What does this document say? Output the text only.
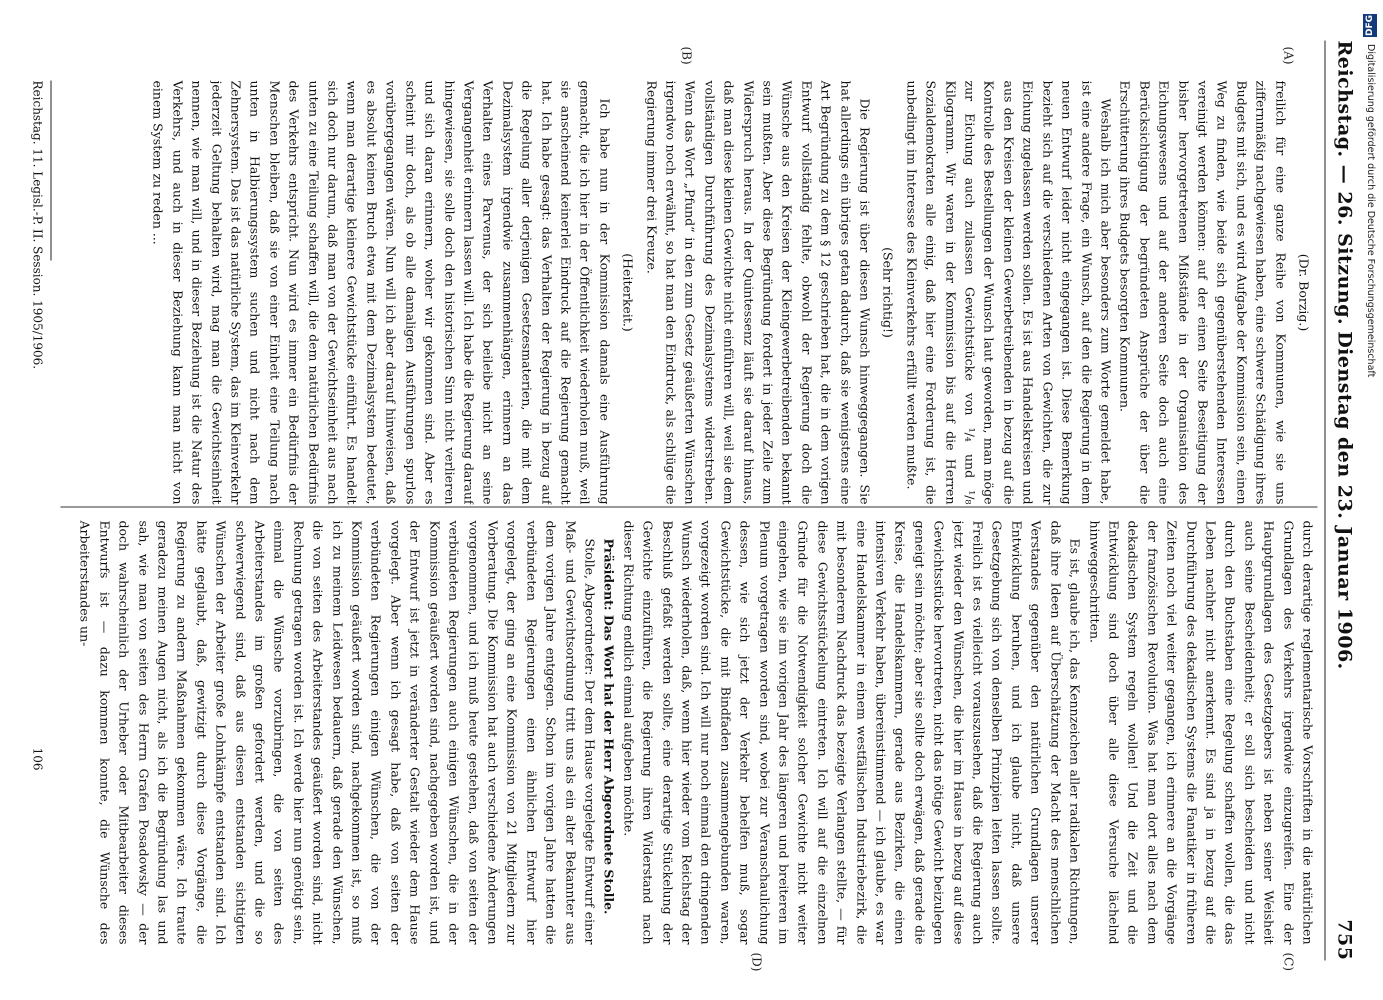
Reichstag. — 26. Sitzung.
Dienstag den 23. Januar 1906.
755
(A)
(B)
(C)
(D)

(Dr. Borzig.)

freilich für eine ganze Reihe von Kommunen, wie sie uns ziffernmäßig nachgewiesen haben, eine schwere Schädigung ihres Budgets mit sich, und es wird Aufgabe der Kommission sein, einen Weg zu finden, wie beide sich gegenüberstehenden Interessen vereinigt werden können: auf der einen Seite Beseitigung der bisher hervorgetretenen Mißstände in der Organisation des Eichungswesens und auf der anderen Seite doch auch eine Berücksichtigung der begründeten Ansprüche der über die Erschütterung ihres Budgets besorgten Kommunen.

Weshalb ich mich aber besonders zum Worte gemeldet habe, ist eine andere Frage, ein Wunsch, auf den die Regierung in dem neuen Entwurf leider nicht eingegangen ist. Diese Bemerkung bezieht sich auf die verschiedenen Arten von Gewichten, die zur Eichung zugelassen werden sollen. Es ist aus Handelskreisen und aus den Kreisen der kleinen Gewerbetreibenden in bezug auf die Kontrolle des Bestellungen der Wunsch laut geworden, man möge zur Eichung auch zulassen Gewichtstücke von ¹/₄ und ¹/₈ Kilogramm. Wir waren in der Kommission bis auf die Herren Sozialdemokraten alle einig, daß hier eine Forderung ist, die unbedingt im Interesse des Kleinverkehrs erfüllt werden mußte.

(Sehr richtig!)

Die Regierung ist über diesen Wunsch hinweggegangen. Sie hat allerdings ein übriges getan dadurch, daß sie wenigstens eine Art Begründung zu dem § 12 geschrieben hat, die in dem vorigen Entwurf vollständig fehlte, obwohl der Regierung doch die Wünsche aus den Kreisen der Kleingewerbetreibenden bekannt sein mußten. Aber diese Begründung fordert in jeder Zeile zum Widerspruch heraus. In der Quintessenz läuft sie darauf hinaus, daß man diese kleinen Gewichte nicht einführen will, weil sie dem vollständigen Durchführung des Dezimalsystems widerstreben. Wenn das Wort „Pfund“ in den zum Gesetz geäußerten Wünschen irgendwo noch erwähnt, so hat man den Eindruck, als schlüge die Regierung immer drei Kreuze.

(Heiterkeit.)

Ich habe nun in der Kommission damals eine Ausführung gemacht, die ich hier in der Öffentlichkeit wiederholen muß, weil sie anscheinend keinerlei Eindruck auf die Regierung gemacht hat. Ich habe gesagt: das Verhalten der Regierung in bezug auf die Regelung aller derjenigen Gesetzesmaterien, die mit dem Dezimalsystem irgendwie zusammenhängen, erinnern an das Verhalten eines Parvenus, der sich beileibe nicht an seine Vergangenheit erinnern lassen will. Ich habe die Regierung darauf hingewiesen, sie solle doch den historischen Sinn nicht verlieren und sich daran erinnern, woher wir gekommen sind. Aber es scheint mir doch, als ob alle damaligen Ausführungen spurlos vorübergegangen wären. Nun will ich aber darauf hinweisen, daß es absolut keinen Bruch etwa mit dem Dezimalsystem bedeutet, wenn man derartige kleinere Gewichtstücke einführt. Es handelt sich doch nur darum, daß man von der Gewichtseinheit aus nach unten zu eine Teilung schaffen will, die dem natürlichen Bedürfnis des Verkehrs entspricht. Nun wird es immer ein Bedürfnis der Menschen bleiben, daß sie von einer Einheit eine Teilung nach unten in Halbierungssystem suchen und nicht nach dem Zehnersystem. Das ist das natürliche System, das im Kleinverkehr jederzeit Geltung behalten wird, mag man die Gewichtseinheit nennen, wie man will, und in dieser Beziehung ist die Natur des Verkehrs, und auch in dieser Beziehung kann man nicht von einem System zu reden ...

durch derartige reglementarische Vorschriften in die natürlichen Grundlagen des Verkehrs irgendwie einzugreifen. Eine der Hauptgrundlagen des Gesetzgebers ist neben seiner Weisheit auch seine Bescheidenheit; er soll sich bescheiden und nicht durch den Buchstaben eine Regelung schaffen wollen, die das Leben nachher nicht anerkennt. Es sind ja in bezug auf die Durchführung des dekadischen Systems die Fanatiker in früheren Zeiten noch viel weiter gegangen, ich erinnere an die Vorgänge der französischen Revolution. Was hat man dort alles nach dem dekadischen System regeln wollen! Und die Zeit und die Entwicklung sind doch über alle diese Versuche lächelnd hinweggeschritten.

Es ist, glaube ich, das Kennzeichen aller radikalen Richtungen, daß ihre Ideen auf Überschätzung der Macht des menschlichen Verstandes gegenüber den natürlichen Grundlagen unserer Entwicklung beruhen, und ich glaube nicht, daß unsere Gesetzgebung sich von denselben Prinzipien leiten lassen sollte. Freilich ist es vielleicht vorauszusehen, daß die Regierung auch jetzt wieder den Wünschen, die hier im Hause in bezug auf diese Gewichtsstücke hervortreten, nicht das nötige Gewicht beizulegen geneigt sein möchte; aber sie sollte doch erwägen, daß gerade die Kreise, die Handelskammern, gerade aus Bezirken, die einen intensiven Verkehr haben, übereinstimmend — ich glaube, es war eine Handelskammer in einem westfälischen Industriebezirk, die mit besonderem Nachdruck das bezeigte Verlangen stellte, — für diese Gewichtsstückelung eintreten. Ich will auf die einzelnen Gründe für die Notwendigkeit solcher Gewichte nicht weiter eingehen, wie sie im vorigen Jahr des längeren und breiteren im Plenum vorgetragen worden sind, wobei zur Veranschaulichung dessen, wie sich jetzt der Verkehr behelfen muß, sogar Gewichtstücke, die mit Bindfaden zusammengebunden waren, vorgezeigt worden sind. Ich will nur noch einmal den dringenden Wunsch wiederholen, daß, wenn hier wieder vom Reichstag der Beschluß gefaßt werden sollte, eine derartige Stückelung der Gewichte einzuführen, die Regierung ihren Widerstand nach dieser Richtung endlich einmal aufgeben möchte.

Präsident: Das Wort hat der Herr Abgeordnete Stolle.

Stolle, Abgeordneter: Der dem Hause vorgelegte Entwurf einer Maß- und Gewichtsordnung tritt uns als ein alter Bekannter aus dem vorigen Jahre entgegen. Schon im vorigen Jahre hatten die verbündeten Regierungen einen ähnlichen Entwurf hier vorgelegt, der ging an eine Kommission von 21 Mitgliedern zur Vorberatung. Die Kommission hat auch verschiedene Änderungen vorgenommen, und ich muß heute gestehen, daß von seiten der verbündeten Regierungen auch einigen Wünschen, die in der Kommission geäußert worden sind, nachgegeben worden ist, und der Entwurf ist jetzt in veränderter Gestalt wieder dem Hause vorgelegt. Aber wenn ich gesagt habe, daß von seiten der verbündeten Regierungen einigen Wünschen, die von der Kommission geäußert worden sind, nachgekommen ist, so muß ich zu meinem Leidwesen bedauern, daß gerade den Wünschen, die von seiten des Arbeiterstandes geäußert worden sind, nicht Rechnung getragen worden ist. Ich werde hier nun genötigt sein, einmal die Wünsche vorzubringen, die von seiten des Arbeiterstandes im großen gefordert werden, und die so schwerwiegend sind, daß aus diesen entstanden sichtigten Wünschen der Arbeiter große Lohnkämpfe entstanden sind. Ich hätte geglaubt, daß, gewitzigt durch diese Vorgänge, die Regierung zu andern Maßnahmen gekommen wäre. Ich traute geradezu meinen Augen nicht, als ich die Begründung las und sah, wie man von seiten des Herrn Grafen Posadowsky — der doch wahrscheinlich der Urheber oder Mitbearbeiter dieses Entwurfs ist — dazu kommen konnte, die Wünsche des Arbeiterstandes un-

Reichstag. 11. Legisl.-P. II. Session. 1905/1906.
106
DFG
Digitalisierung gefördert durch die Deutsche Forschungsgemeinschaft
